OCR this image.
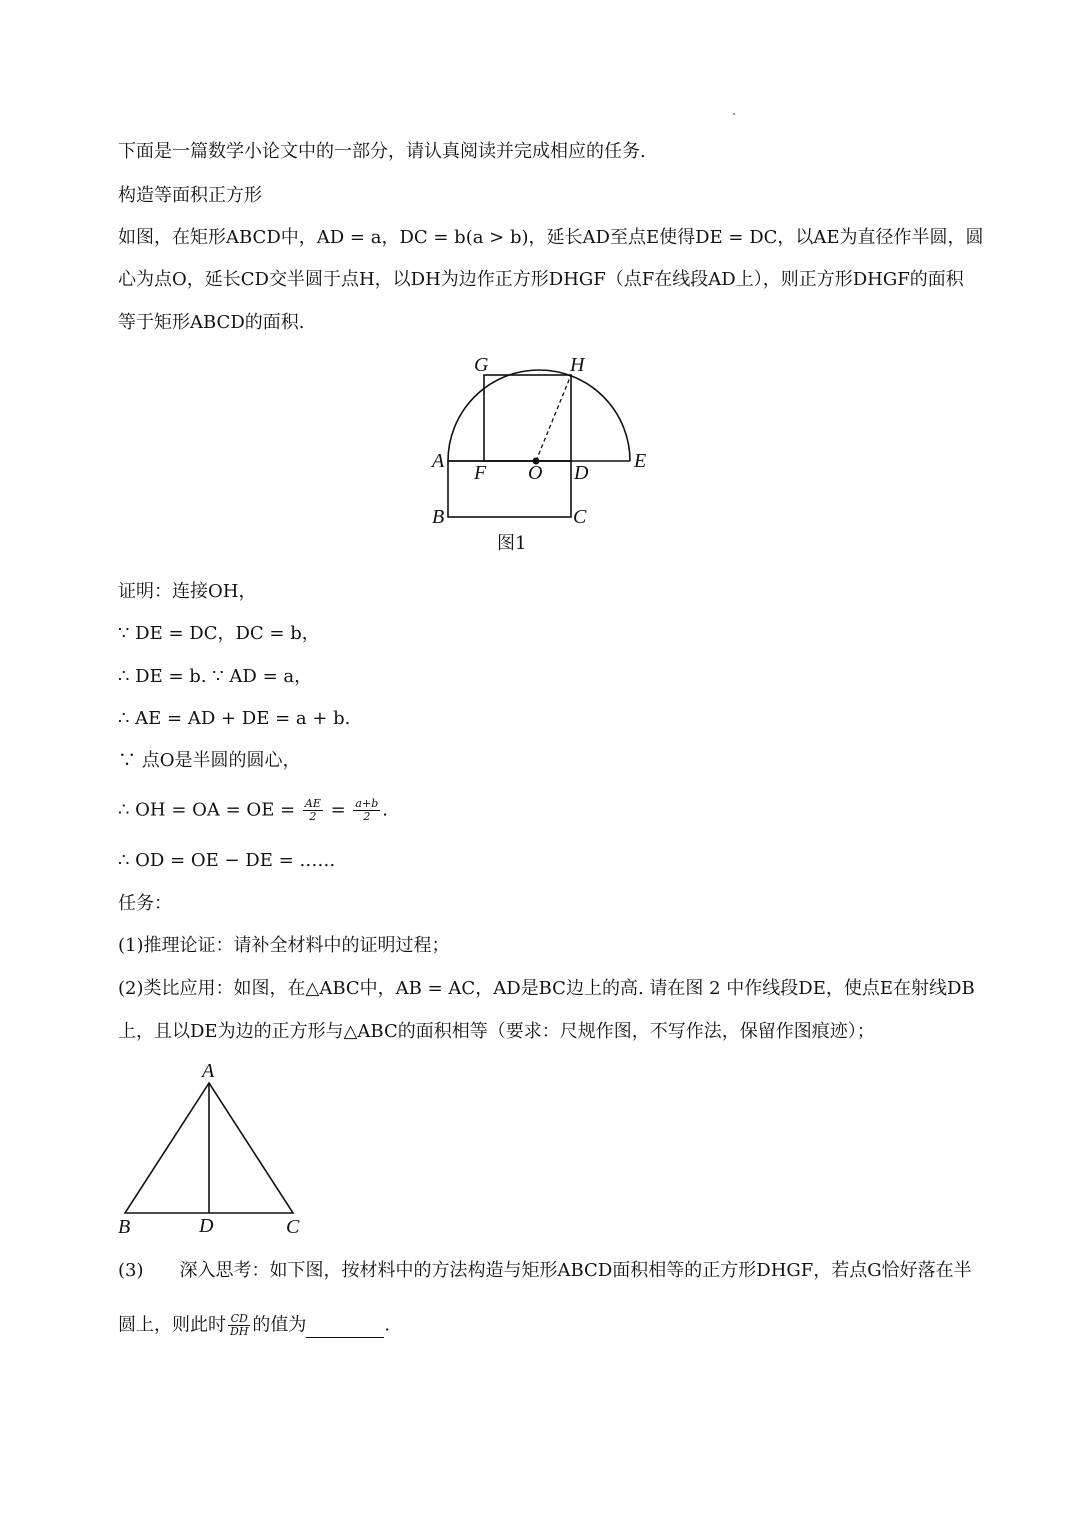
下面是一篇数学小论文中的一部分，请认真阅读并完成相应的任务.
构造等面积正方形
如图，在矩形ABCD中，AD = a，DC = b(a > b)，延长AD至点E使得DE = DC，以AE为直径作半圆，圆
心为点O，延长CD交半圆于点H，以DH为边作正方形DHGF（点F在线段AD上），则正方形DHGF的面积
等于矩形ABCD的面积.
G	H
A
F O D
E
B	C
图1
证明：连接OH，
∵ DE = DC，DC = b，
∴ DE = b. ∵ AD = a，
∴ AE = AD + DE = a + b.
∵ 点O是半圆的圆心，
∴ OH = OA = OE = $\frac{AE}{2} = \frac{a+b}{2}$ .
∴ OD = OE − DE = ……
任务：
(1)推理论证：请补全材料中的证明过程；
(2)类比应用：如图，在△ABC中，AB = AC，AD是BC边上的高. 请在图 2 中作线段DE，使点E在射线DB
上，且以DE为边的正方形与△ABC的面积相等（要求：尺规作图，不写作法，保留作图痕迹）；
A
B	D	C
(3) 深入思考：如下图，按材料中的方法构造与矩形ABCD面积相等的正方形DHGF，若点G恰好落在半
圆上，则此时 $\frac{CD}{DH}$ 的值为	.
